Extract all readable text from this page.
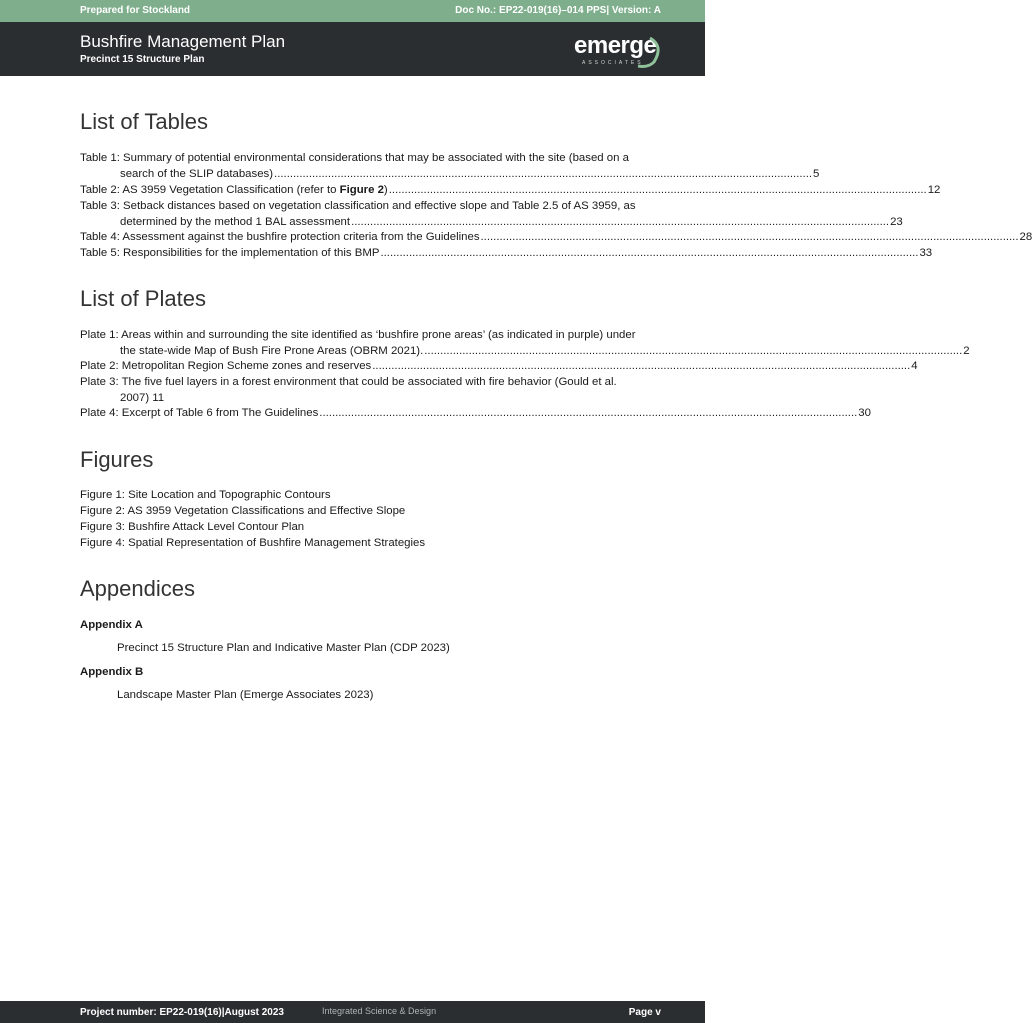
Prepared for Stockland	Doc No.: EP22-019(16)–014 PPS| Version: A
Bushfire Management Plan
Precinct 15 Structure Plan
emerge
ASSOCIATES
List of Tables
Table 1: Summary of potential environmental considerations that may be associated with the site (based on a
search of the SLIP databases) .......................................................................................................................................................................... 5
Table 2: AS 3959 Vegetation Classification (refer to Figure 2) .......................................................................................................................................................................... 12
Table 3: Setback distances based on vegetation classification and effective slope and Table 2.5 of AS 3959, as
determined by the method 1 BAL assessment .......................................................................................................................................................................... 23
Table 4: Assessment against the bushfire protection criteria from the Guidelines .......................................................................................................................................................................... 28
Table 5: Responsibilities for the implementation of this BMP .......................................................................................................................................................................... 33
List of Plates
Plate 1: Areas within and surrounding the site identified as ‘bushfire prone areas’ (as indicated in purple) under
the state-wide Map of Bush Fire Prone Areas (OBRM 2021). .......................................................................................................................................................................... 2
Plate 2: Metropolitan Region Scheme zones and reserves .......................................................................................................................................................................... 4
Plate 3: The five fuel layers in a forest environment that could be associated with fire behavior (Gould et al.
2007) 11
Plate 4: Excerpt of Table 6 from The Guidelines .......................................................................................................................................................................... 30
Figures
Figure 1: Site Location and Topographic Contours
Figure 2: AS 3959 Vegetation Classifications and Effective Slope
Figure 3: Bushfire Attack Level Contour Plan
Figure 4: Spatial Representation of Bushfire Management Strategies
Appendices
Appendix A
Precinct 15 Structure Plan and Indicative Master Plan (CDP 2023)
Appendix B
Landscape Master Plan (Emerge Associates 2023)
Project number: EP22-019(16)|August 2023	Integrated Science & Design	Page v
